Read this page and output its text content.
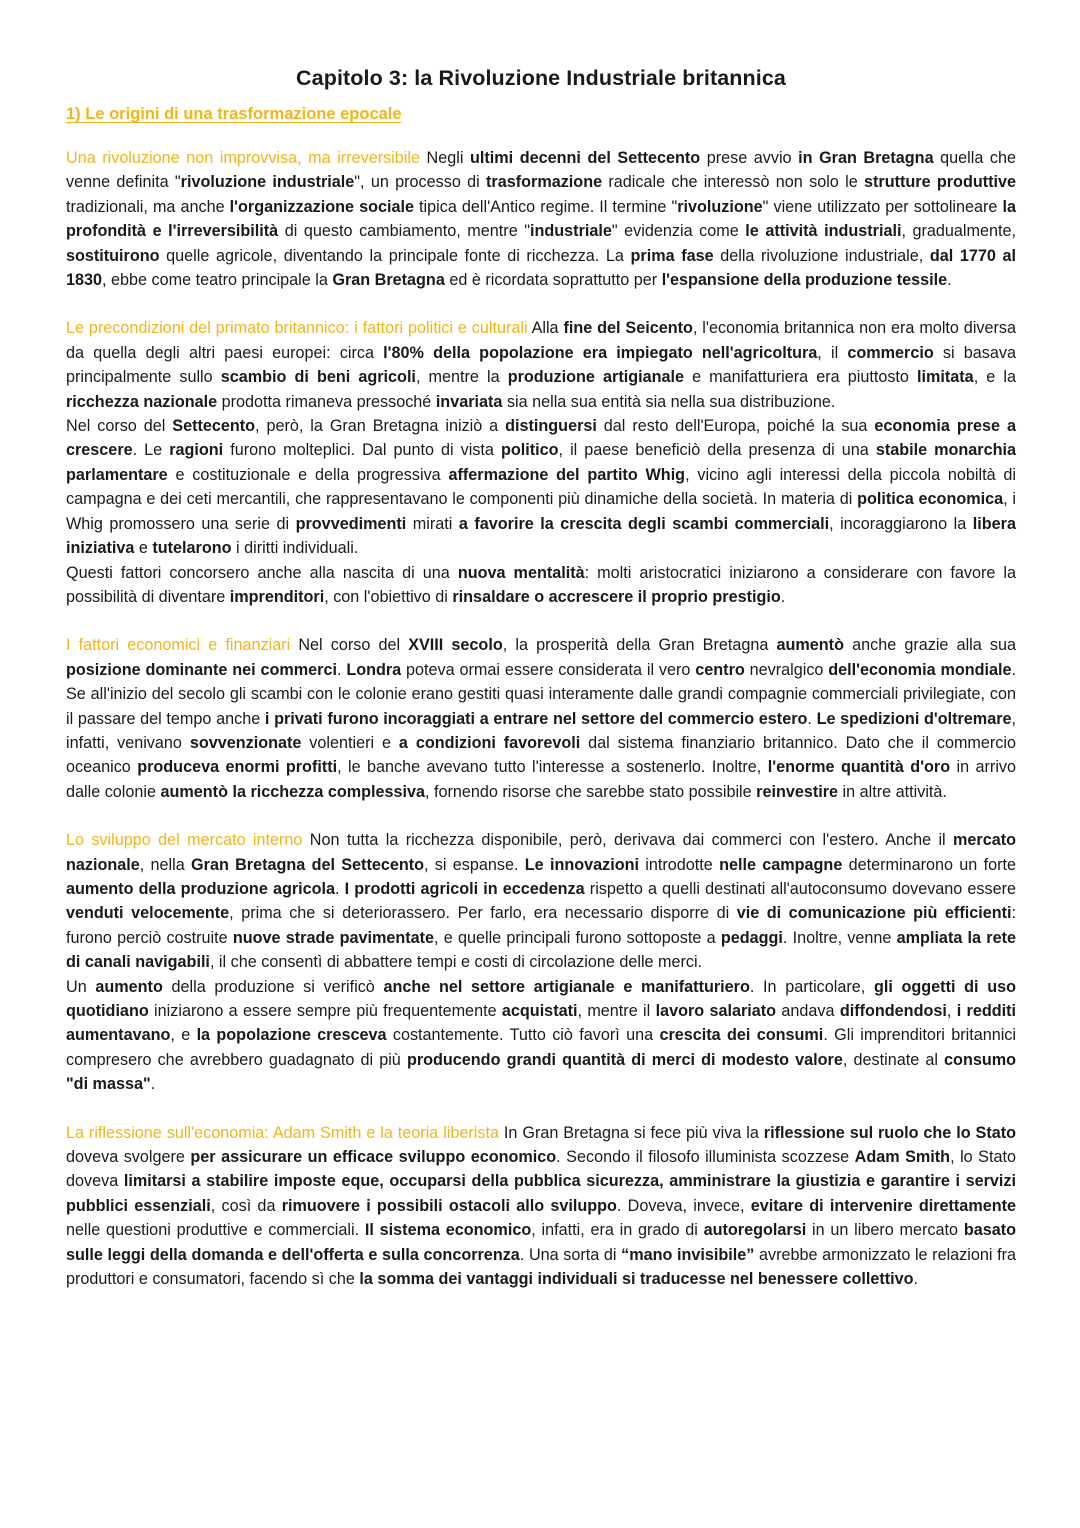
Capitolo 3: la Rivoluzione Industriale britannica
1) Le origini di una trasformazione epocale

Una rivoluzione non improvvisa, ma irreversibile Negli ultimi decenni del Settecento prese avvio in Gran Bretagna quella che venne definita "rivoluzione industriale", un processo di trasformazione radicale che interessò non solo le strutture produttive tradizionali, ma anche l'organizzazione sociale tipica dell'Antico regime. Il termine "rivoluzione" viene utilizzato per sottolineare la profondità e l'irreversibilità di questo cambiamento, mentre "industriale" evidenzia come le attività industriali, gradualmente, sostituirono quelle agricole, diventando la principale fonte di ricchezza. La prima fase della rivoluzione industriale, dal 1770 al 1830, ebbe come teatro principale la Gran Bretagna ed è ricordata soprattutto per l'espansione della produzione tessile.

Le precondizioni del primato britannico: i fattori politici e culturali Alla fine del Seicento, l'economia britannica non era molto diversa da quella degli altri paesi europei: circa l'80% della popolazione era impiegato nell'agricoltura, il commercio si basava principalmente sullo scambio di beni agricoli, mentre la produzione artigianale e manifatturiera era piuttosto limitata, e la ricchezza nazionale prodotta rimaneva pressoché invariata sia nella sua entità sia nella sua distribuzione.

Nel corso del Settecento, però, la Gran Bretagna iniziò a distinguersi dal resto dell'Europa, poiché la sua economia prese a crescere. Le ragioni furono molteplici. Dal punto di vista politico, il paese beneficiò della presenza di una stabile monarchia parlamentare e costituzionale e della progressiva affermazione del partito Whig, vicino agli interessi della piccola nobiltà di campagna e dei ceti mercantili, che rappresentavano le componenti più dinamiche della società. In materia di politica economica, i Whig promossero una serie di provvedimenti mirati a favorire la crescita degli scambi commerciali, incoraggiarono la libera iniziativa e tutelarono i diritti individuali.

Questi fattori concorsero anche alla nascita di una nuova mentalità: molti aristocratici iniziarono a considerare con favore la possibilità di diventare imprenditori, con l'obiettivo di rinsaldare o accrescere il proprio prestigio.

I fattori economici e finanziari Nel corso del XVIII secolo, la prosperità della Gran Bretagna aumentò anche grazie alla sua posizione dominante nei commerci. Londra poteva ormai essere considerata il vero centro nevralgico dell'economia mondiale. Se all'inizio del secolo gli scambi con le colonie erano gestiti quasi interamente dalle grandi compagnie commerciali privilegiate, con il passare del tempo anche i privati furono incoraggiati a entrare nel settore del commercio estero. Le spedizioni d'oltremare, infatti, venivano sovvenzionate volentieri e a condizioni favorevoli dal sistema finanziario britannico. Dato che il commercio oceanico produceva enormi profitti, le banche avevano tutto l'interesse a sostenerlo. Inoltre, l'enorme quantità d'oro in arrivo dalle colonie aumentò la ricchezza complessiva, fornendo risorse che sarebbe stato possibile reinvestire in altre attività.

Lo sviluppo del mercato interno Non tutta la ricchezza disponibile, però, derivava dai commerci con l'estero. Anche il mercato nazionale, nella Gran Bretagna del Settecento, si espanse. Le innovazioni introdotte nelle campagne determinarono un forte aumento della produzione agricola. I prodotti agricoli in eccedenza rispetto a quelli destinati all'autoconsumo dovevano essere venduti velocemente, prima che si deteriorassero. Per farlo, era necessario disporre di vie di comunicazione più efficienti: furono perciò costruite nuove strade pavimentate, e quelle principali furono sottoposte a pedaggi. Inoltre, venne ampliata la rete di canali navigabili, il che consentì di abbattere tempi e costi di circolazione delle merci.

Un aumento della produzione si verificò anche nel settore artigianale e manifatturiero. In particolare, gli oggetti di uso quotidiano iniziarono a essere sempre più frequentemente acquistati, mentre il lavoro salariato andava diffondendosi, i redditi aumentavano, e la popolazione cresceva costantemente. Tutto ciò favorì una crescita dei consumi. Gli imprenditori britannici compresero che avrebbero guadagnato di più producendo grandi quantità di merci di modesto valore, destinate al consumo "di massa".

La riflessione sull'economia: Adam Smith e la teoria liberista In Gran Bretagna si fece più viva la riflessione sul ruolo che lo Stato doveva svolgere per assicurare un efficace sviluppo economico. Secondo il filosofo illuminista scozzese Adam Smith, lo Stato doveva limitarsi a stabilire imposte eque, occuparsi della pubblica sicurezza, amministrare la giustizia e garantire i servizi pubblici essenziali, così da rimuovere i possibili ostacoli allo sviluppo. Doveva, invece, evitare di intervenire direttamente nelle questioni produttive e commerciali. Il sistema economico, infatti, era in grado di autoregolarsi in un libero mercato basato sulle leggi della domanda e dell'offerta e sulla concorrenza. Una sorta di “mano invisibile” avrebbe armonizzato le relazioni fra produttori e consumatori, facendo sì che la somma dei vantaggi individuali si traducesse nel benessere collettivo.
